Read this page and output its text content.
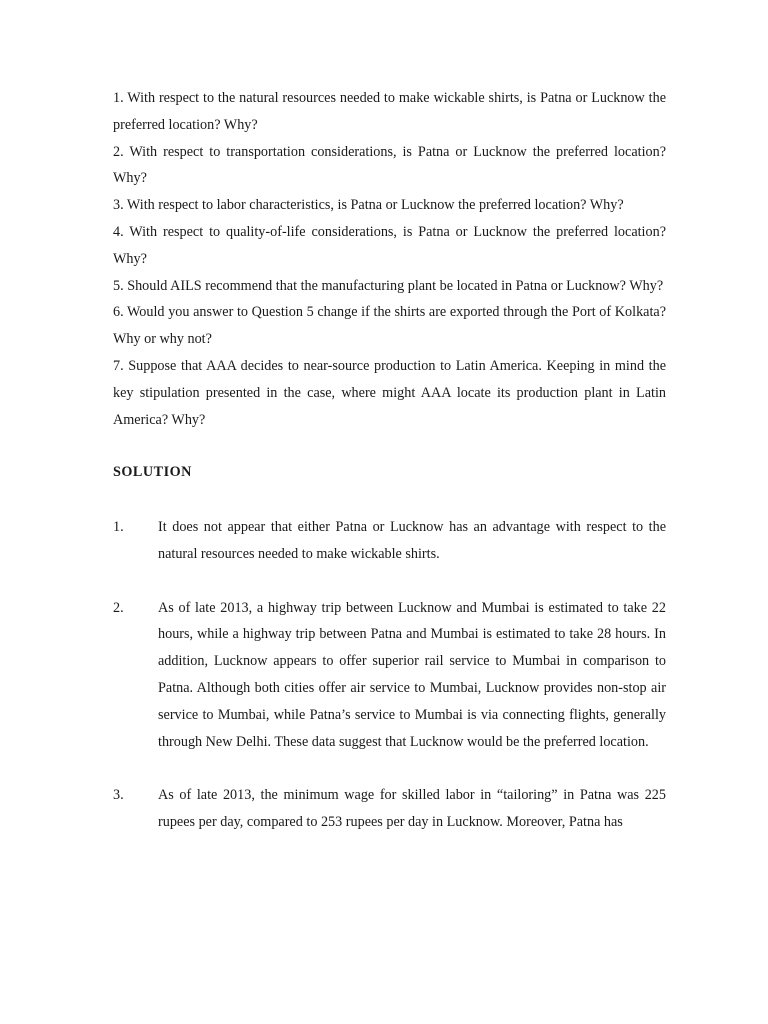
1. With respect to the natural resources needed to make wickable shirts, is Patna or Lucknow the preferred location? Why?

2. With respect to transportation considerations, is Patna or Lucknow the preferred location? Why?

3. With respect to labor characteristics, is Patna or Lucknow the preferred location? Why?

4. With respect to quality-of-life considerations, is Patna or Lucknow the preferred location? Why?

5. Should AILS recommend that the manufacturing plant be located in Patna or Lucknow? Why?

6. Would you answer to Question 5 change if the shirts are exported through the Port of Kolkata? Why or why not?

7. Suppose that AAA decides to near-source production to Latin America. Keeping in mind the key stipulation presented in the case, where might AAA locate its production plant in Latin America? Why?

SOLUTION

1.	It does not appear that either Patna or Lucknow has an advantage with respect to the natural resources needed to make wickable shirts.
2.	As of late 2013, a highway trip between Lucknow and Mumbai is estimated to take 22 hours, while a highway trip between Patna and Mumbai is estimated to take 28 hours. In addition, Lucknow appears to offer superior rail service to Mumbai in comparison to Patna. Although both cities offer air service to Mumbai, Lucknow provides non-stop air service to Mumbai, while Patna’s service to Mumbai is via connecting flights, generally through New Delhi. These data suggest that Lucknow would be the preferred location.
3.	As of late 2013, the minimum wage for skilled labor in “tailoring” in Patna was 225 rupees per day, compared to 253 rupees per day in Lucknow. Moreover, Patna has
